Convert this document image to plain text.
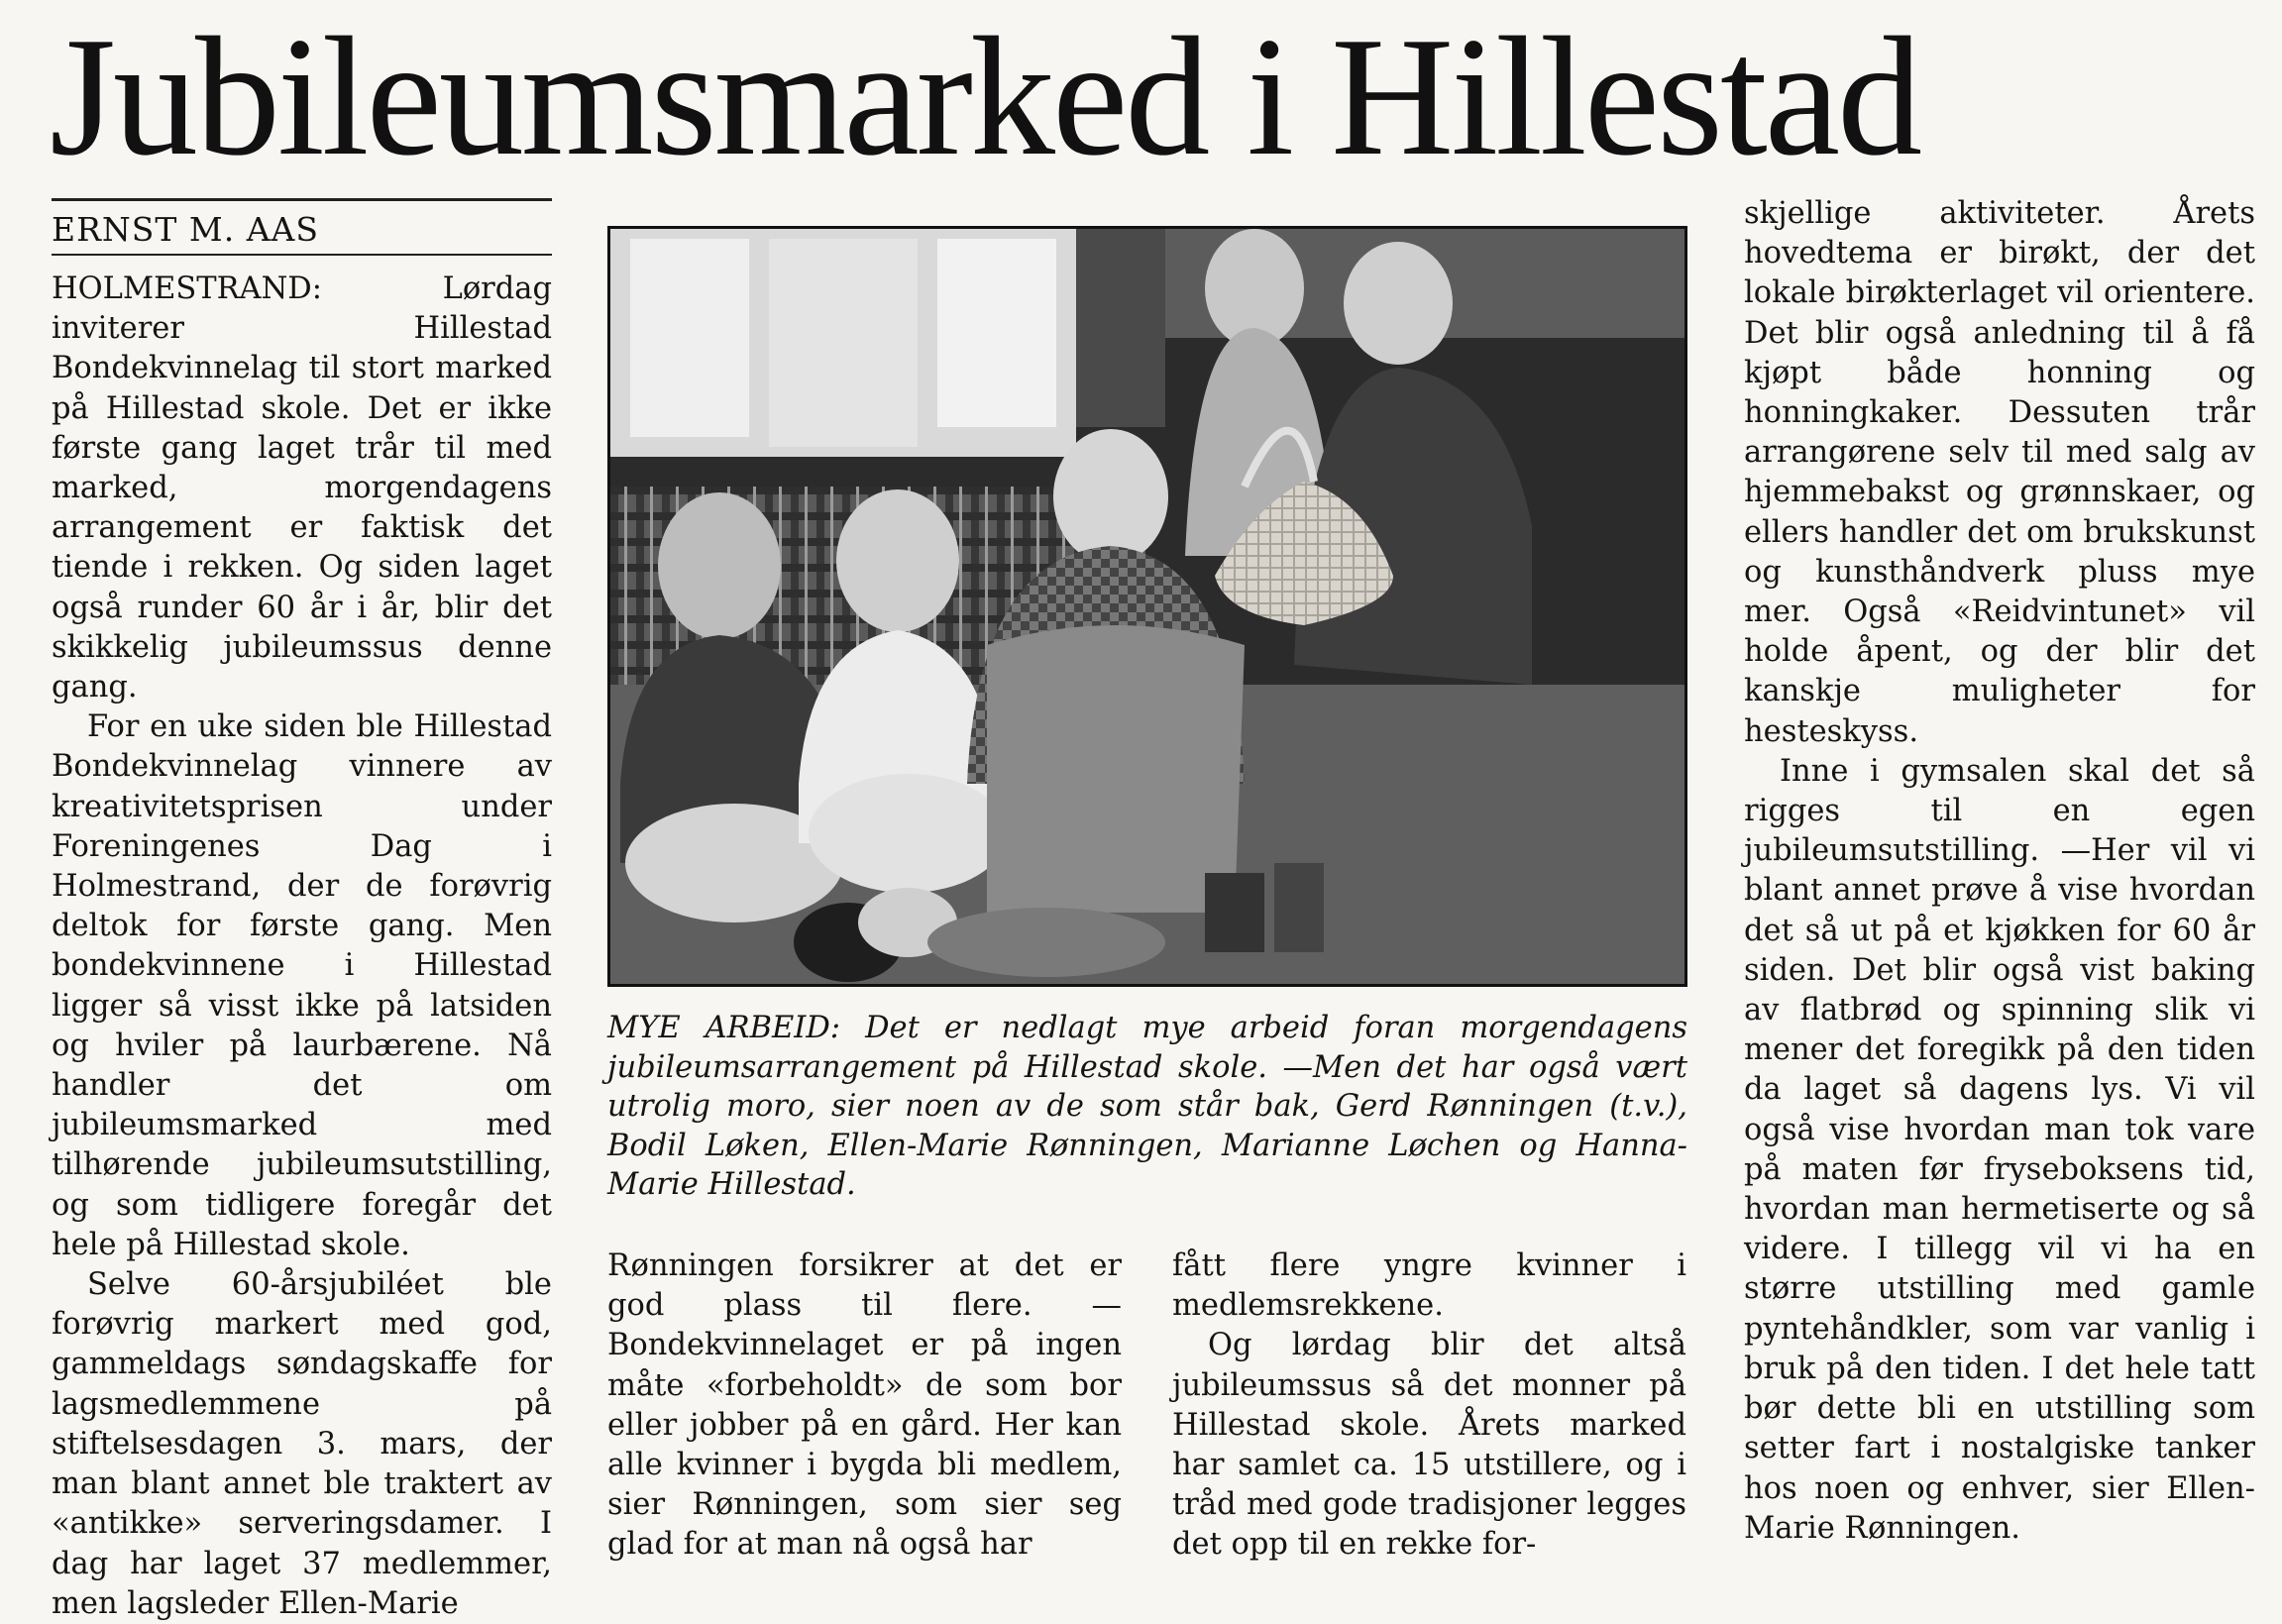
Jubileumsmarked i Hillestad

ERNST M. AAS

HOLMESTRAND: Lørdag inviterer Hillestad Bondekvinnelag til stort marked på Hillestad skole. Det er ikke første gang laget trår til med marked, morgendagens arrangement er faktisk det tiende i rekken. Og siden laget også runder 60 år i år, blir det skikkelig jubileumssus denne gang.

For en uke siden ble Hillestad Bondekvinnelag vinnere av kreativitetsprisen under Foreningenes Dag i Holmestrand, der de forøvrig deltok for første gang. Men bondekvinnene i Hillestad ligger så visst ikke på latsiden og hviler på laurbærene. Nå handler det om jubileumsmarked med tilhørende jubileumsutstilling, og som tidligere foregår det hele på Hillestad skole.

Selve 60-årsjubiléet ble forøvrig markert med god, gammeldags søndagskaffe for lagsmedlemmene på stiftelsesdagen 3. mars, der man blant annet ble traktert av «antikke» serveringsdamer. I dag har laget 37 medlemmer, men lagsleder Ellen-Marie

MYE ARBEID: Det er nedlagt mye arbeid foran morgendagens jubileumsarrangement på Hillestad skole. —Men det har også vært utrolig moro, sier noen av de som står bak, Gerd Rønningen (t.v.), Bodil Løken, Ellen-Marie Rønningen, Marianne Løchen og Hanna-Marie Hillestad.

Rønningen forsikrer at det er god plass til flere. —Bondekvinnelaget er på ingen måte «forbeholdt» de som bor eller jobber på en gård. Her kan alle kvinner i bygda bli medlem, sier Rønningen, som sier seg glad for at man nå også har

fått flere yngre kvinner i medlemsrekkene.

Og lørdag blir det altså jubileumssus så det monner på Hillestad skole. Årets marked har samlet ca. 15 utstillere, og i tråd med gode tradisjoner legges det opp til en rekke for-

skjellige aktiviteter. Årets hovedtema er birøkt, der det lokale birøkterlaget vil orientere. Det blir også anledning til å få kjøpt både honning og honningkaker. Dessuten trår arrangørene selv til med salg av hjemmebakst og grønnskaer, og ellers handler det om brukskunst og kunsthåndverk pluss mye mer. Også «Reidvintunet» vil holde åpent, og der blir det kanskje muligheter for hesteskyss.

Inne i gymsalen skal det så rigges til en egen jubileumsutstilling. —Her vil vi blant annet prøve å vise hvordan det så ut på et kjøkken for 60 år siden. Det blir også vist baking av flatbrød og spinning slik vi mener det foregikk på den tiden da laget så dagens lys. Vi vil også vise hvordan man tok vare på maten før fryseboksens tid, hvordan man hermetiserte og så videre. I tillegg vil vi ha en større utstilling med gamle pyntehåndkler, som var vanlig i bruk på den tiden. I det hele tatt bør dette bli en utstilling som setter fart i nostalgiske tanker hos noen og enhver, sier Ellen-Marie Rønningen.
